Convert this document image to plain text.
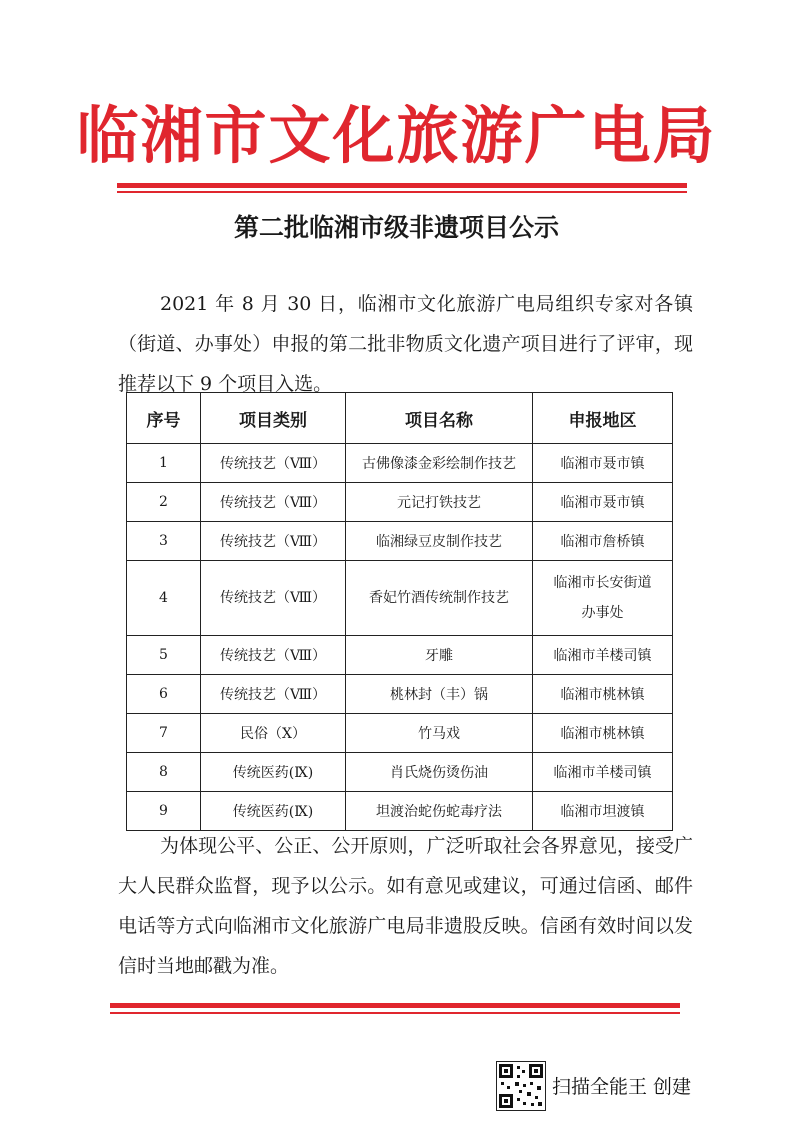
临湘市文化旅游广电局
第二批临湘市级非遗项目公示
2021 年 8 月 30 日，临湘市文化旅游广电局组织专家对各镇（街道、办事处）申报的第二批非物质文化遗产项目进行了评审，现推荐以下 9 个项目入选。
序号	项目类别	项目名称	申报地区
1	传统技艺（Ⅷ）	古佛像漆金彩绘制作技艺	临湘市聂市镇
2	传统技艺（Ⅷ）	元记打铁技艺	临湘市聂市镇
3	传统技艺（Ⅷ）	临湘绿豆皮制作技艺	临湘市詹桥镇
4	传统技艺（Ⅷ）	香妃竹酒传统制作技艺	临湘市长安街道
办事处

5	传统技艺（Ⅷ）	牙雕	临湘市羊楼司镇
6	传统技艺（Ⅷ）	桃林封（丰）锅	临湘市桃林镇
7	民俗（Ⅹ）	竹马戏	临湘市桃林镇
8	传统医药(Ⅸ)	肖氏烧伤烫伤油	临湘市羊楼司镇
9	传统医药(Ⅸ)	坦渡治蛇伤蛇毒疗法	临湘市坦渡镇
为体现公平、公正、公开原则，广泛听取社会各界意见，接受广大人民群众监督，现予以公示。如有意见或建议，可通过信函、邮件电话等方式向临湘市文化旅游广电局非遗股反映。信函有效时间以发信时当地邮戳为准。
扫描全能王 创建
